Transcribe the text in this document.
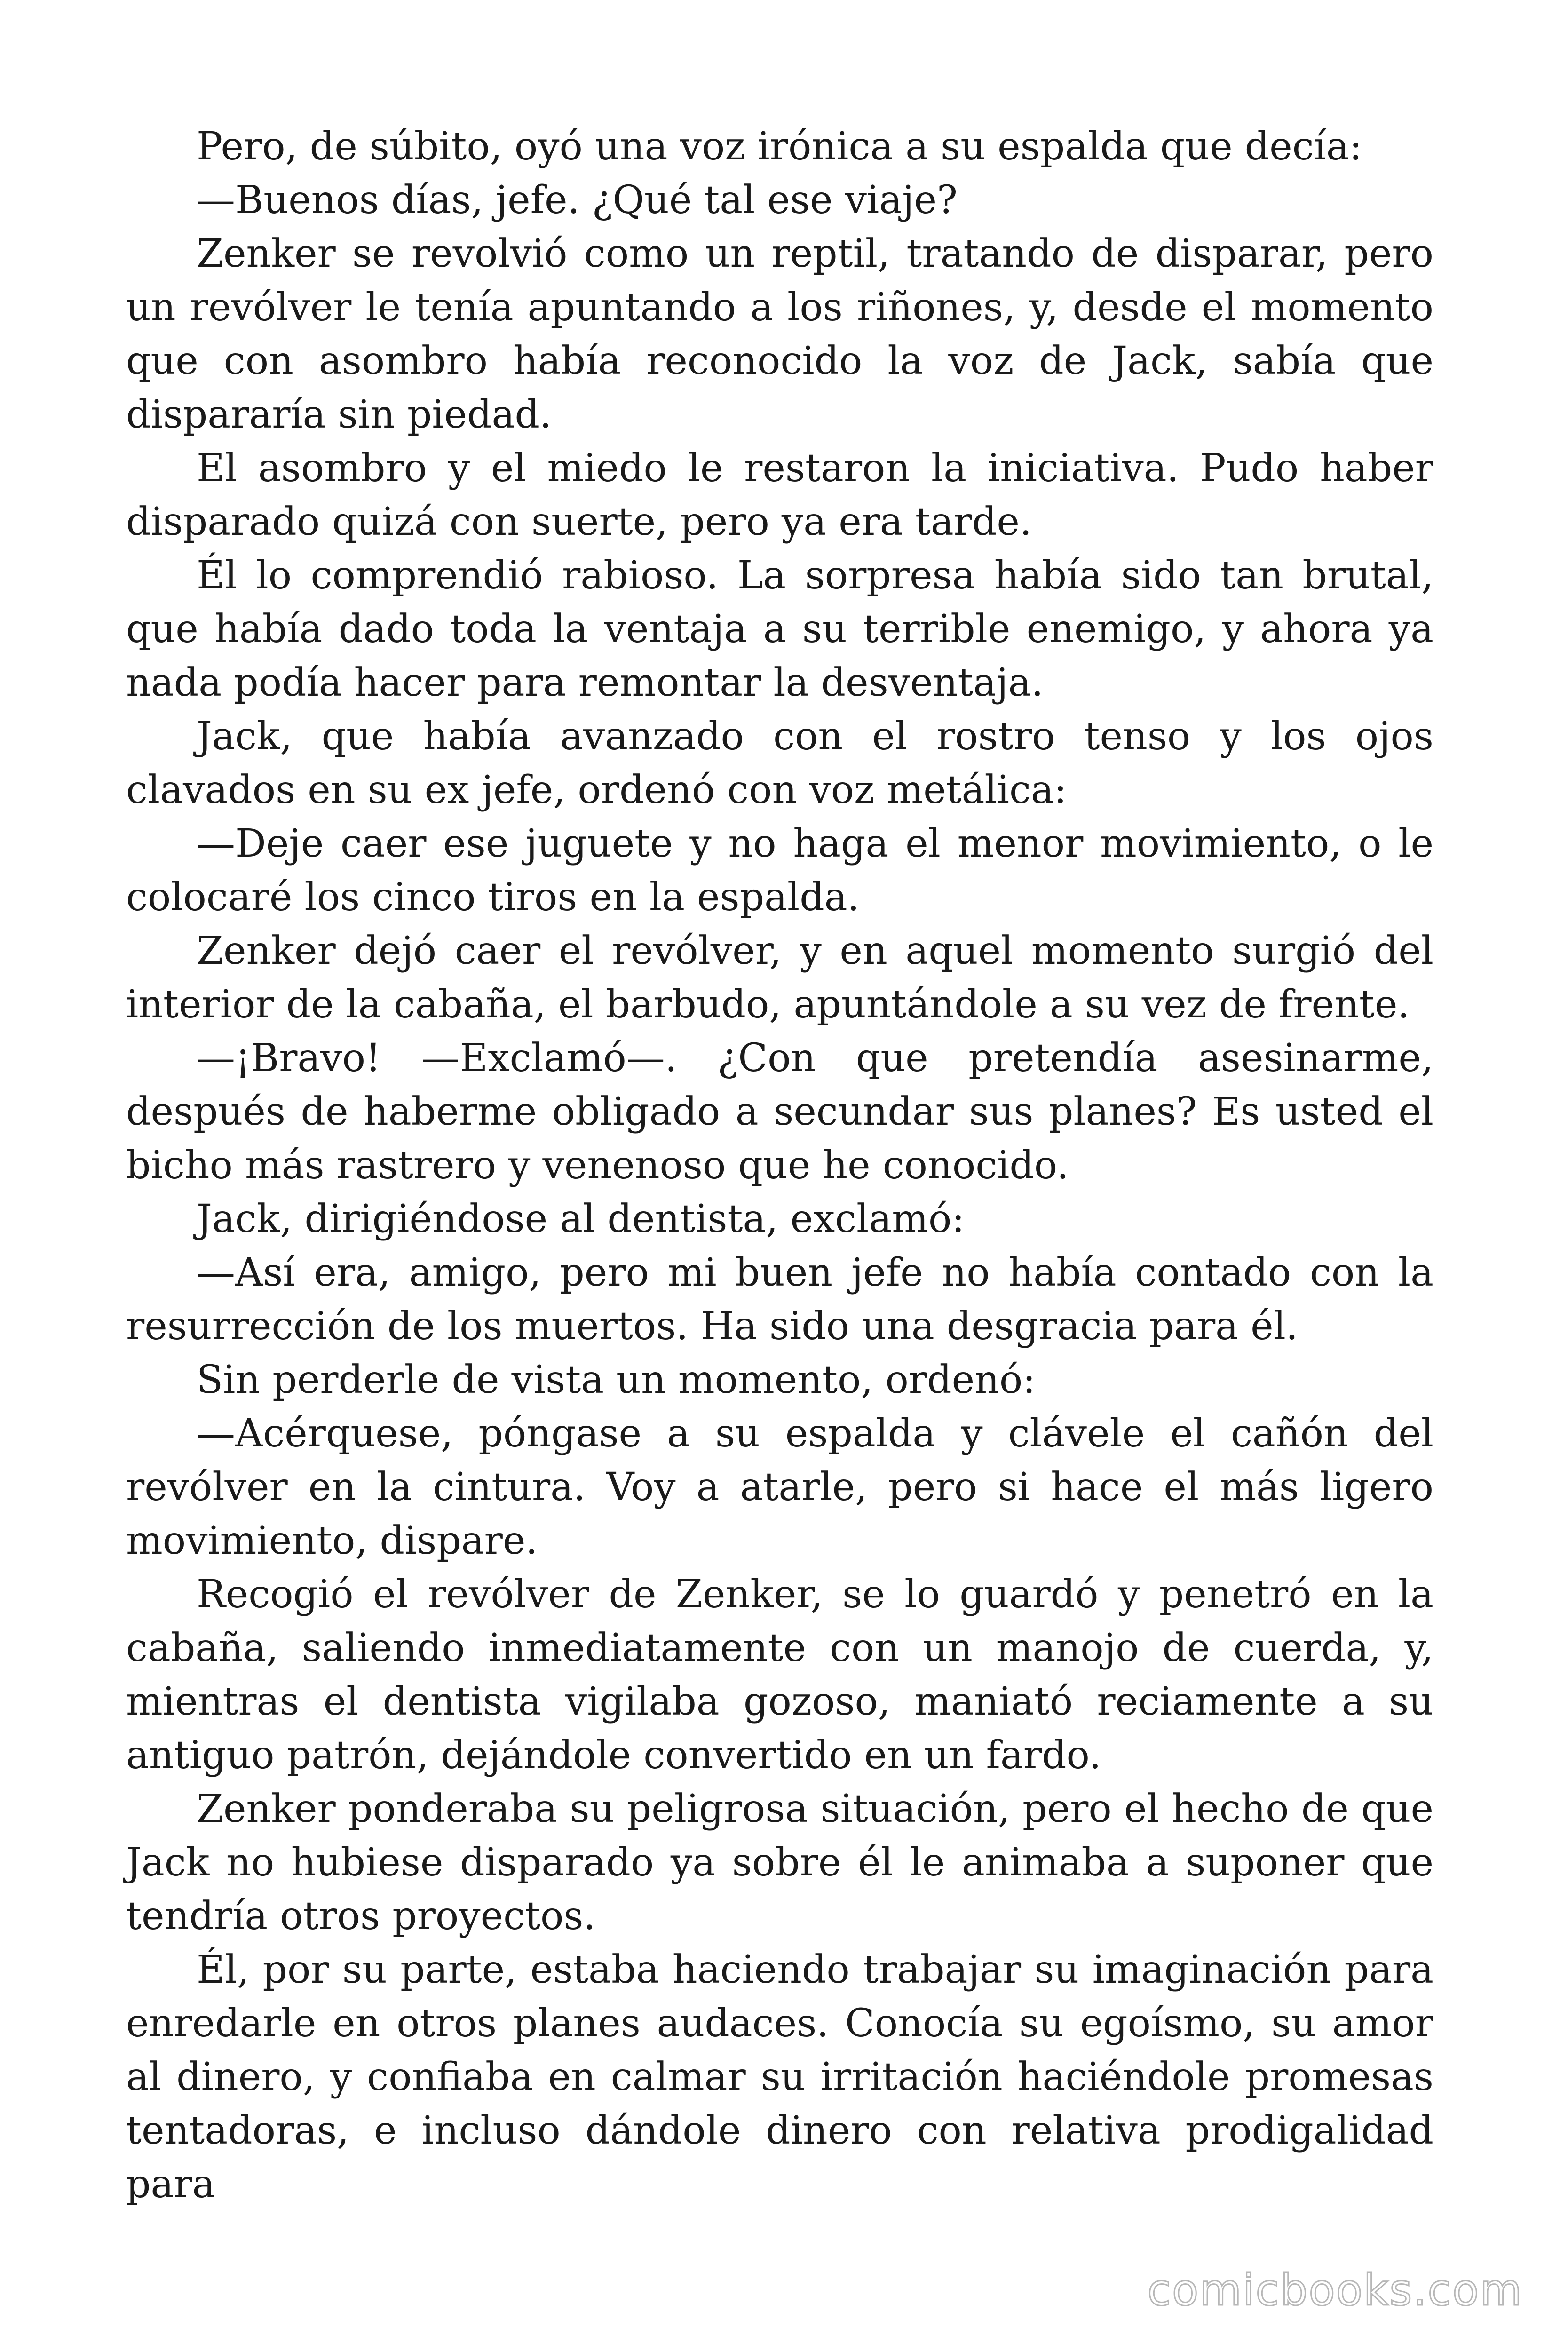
Pero, de súbito, oyó una voz irónica a su espalda que decía:

—Buenos días, jefe. ¿Qué tal ese viaje?

Zenker se revolvió como un reptil, tratando de disparar, pero un revólver le tenía apuntando a los riñones, y, desde el momento que con asombro había reconocido la voz de Jack, sabía que dispararía sin piedad.

El asombro y el miedo le restaron la iniciativa. Pudo haber disparado quizá con suerte, pero ya era tarde.

Él lo comprendió rabioso. La sorpresa había sido tan brutal, que había dado toda la ventaja a su terrible enemigo, y ahora ya nada podía hacer para remontar la desventaja.

Jack, que había avanzado con el rostro tenso y los ojos clavados en su ex jefe, ordenó con voz metálica:

—Deje caer ese juguete y no haga el menor movimiento, o le colocaré los cinco tiros en la espalda.

Zenker dejó caer el revólver, y en aquel momento surgió del interior de la cabaña, el barbudo, apuntándole a su vez de frente.

—¡Bravo! —Exclamó—. ¿Con que pretendía asesinarme, después de haberme obligado a secundar sus planes? Es usted el bicho más rastrero y venenoso que he conocido.

Jack, dirigiéndose al dentista, exclamó:

—Así era, amigo, pero mi buen jefe no había contado con la resurrección de los muertos. Ha sido una desgracia para él.

Sin perderle de vista un momento, ordenó:

—Acérquese, póngase a su espalda y clávele el cañón del revólver en la cintura. Voy a atarle, pero si hace el más ligero movimiento, dispare.

Recogió el revólver de Zenker, se lo guardó y penetró en la cabaña, saliendo inmediatamente con un manojo de cuerda, y, mientras el dentista vigilaba gozoso, maniató reciamente a su antiguo patrón, dejándole convertido en un fardo.

Zenker ponderaba su peligrosa situación, pero el hecho de que Jack no hubiese disparado ya sobre él le animaba a suponer que tendría otros proyectos.

Él, por su parte, estaba haciendo trabajar su imaginación para enredarle en otros planes audaces. Conocía su egoísmo, su amor al dinero, y confiaba en calmar su irritación haciéndole promesas tentadoras, e incluso dándole dinero con relativa prodigalidad para

comicbooks.com
